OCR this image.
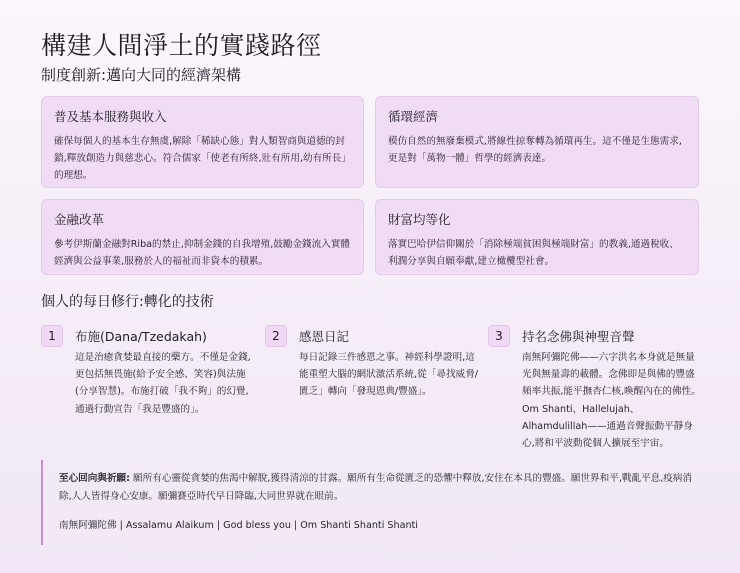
構建人間淨土的實踐路徑
制度創新:邁向大同的經濟架構
普及基本服務與收入

確保每個人的基本生存無虞,解除「稀缺心態」對人類智商與道德的封鎖,釋放創造力與慈悲心。符合儒家「使老有所終,壯有所用,幼有所長」的理想。

循環經濟

模仿自然的無廢棄模式,將線性掠奪轉為循環再生。這不僅是生態需求,更是對「萬物一體」哲學的經濟表達。

金融改革

參考伊斯蘭金融對Riba的禁止,抑制金錢的自我增殖,鼓勵金錢流入實體經濟與公益事業,服務於人的福祉而非資本的積累。

財富均等化

落實巴哈伊信仰關於「消除極端貧困與極端財富」的教義,通過稅收、利潤分享與自願奉獻,建立橄欖型社會。

個人的每日修行:轉化的技術
1	布施(Dana/Tzedakah)

這是治癒貪婪最直接的藥方。不僅是金錢,更包括無畏施(給予安全感、笑容)與法施(分享智慧)。布施打破「我不夠」的幻覺,通過行動宣告「我是豐盛的」。

2	感恩日記

每日記錄三件感恩之事。神經科學證明,這能重塑大腦的網狀激活系統,從「尋找威脅/匱乏」轉向「發現恩典/豐盛」。

3	持名念佛與神聖音聲

南無阿彌陀佛——六字洪名本身就是無量光與無量壽的載體。念佛即是與佛的豐盛頻率共振,能平撫杏仁核,喚醒內在的佛性。Om Shanti、Hallelujah、Alhamdulillah——通過音聲振動平靜身心,將和平波動從個人擴展至宇宙。

至心回向與祈願: 願所有心靈從貪婪的焦渴中解脫,獲得清涼的甘露。願所有生命從匱乏的恐懼中釋放,安住在本具的豐盛。願世界和平,戰亂平息,疫病消除,人人皆得身心安康。願彌賽亞時代早日降臨,大同世界就在眼前。
南無阿彌陀佛 | Assalamu Alaikum | God bless you | Om Shanti Shanti Shanti
